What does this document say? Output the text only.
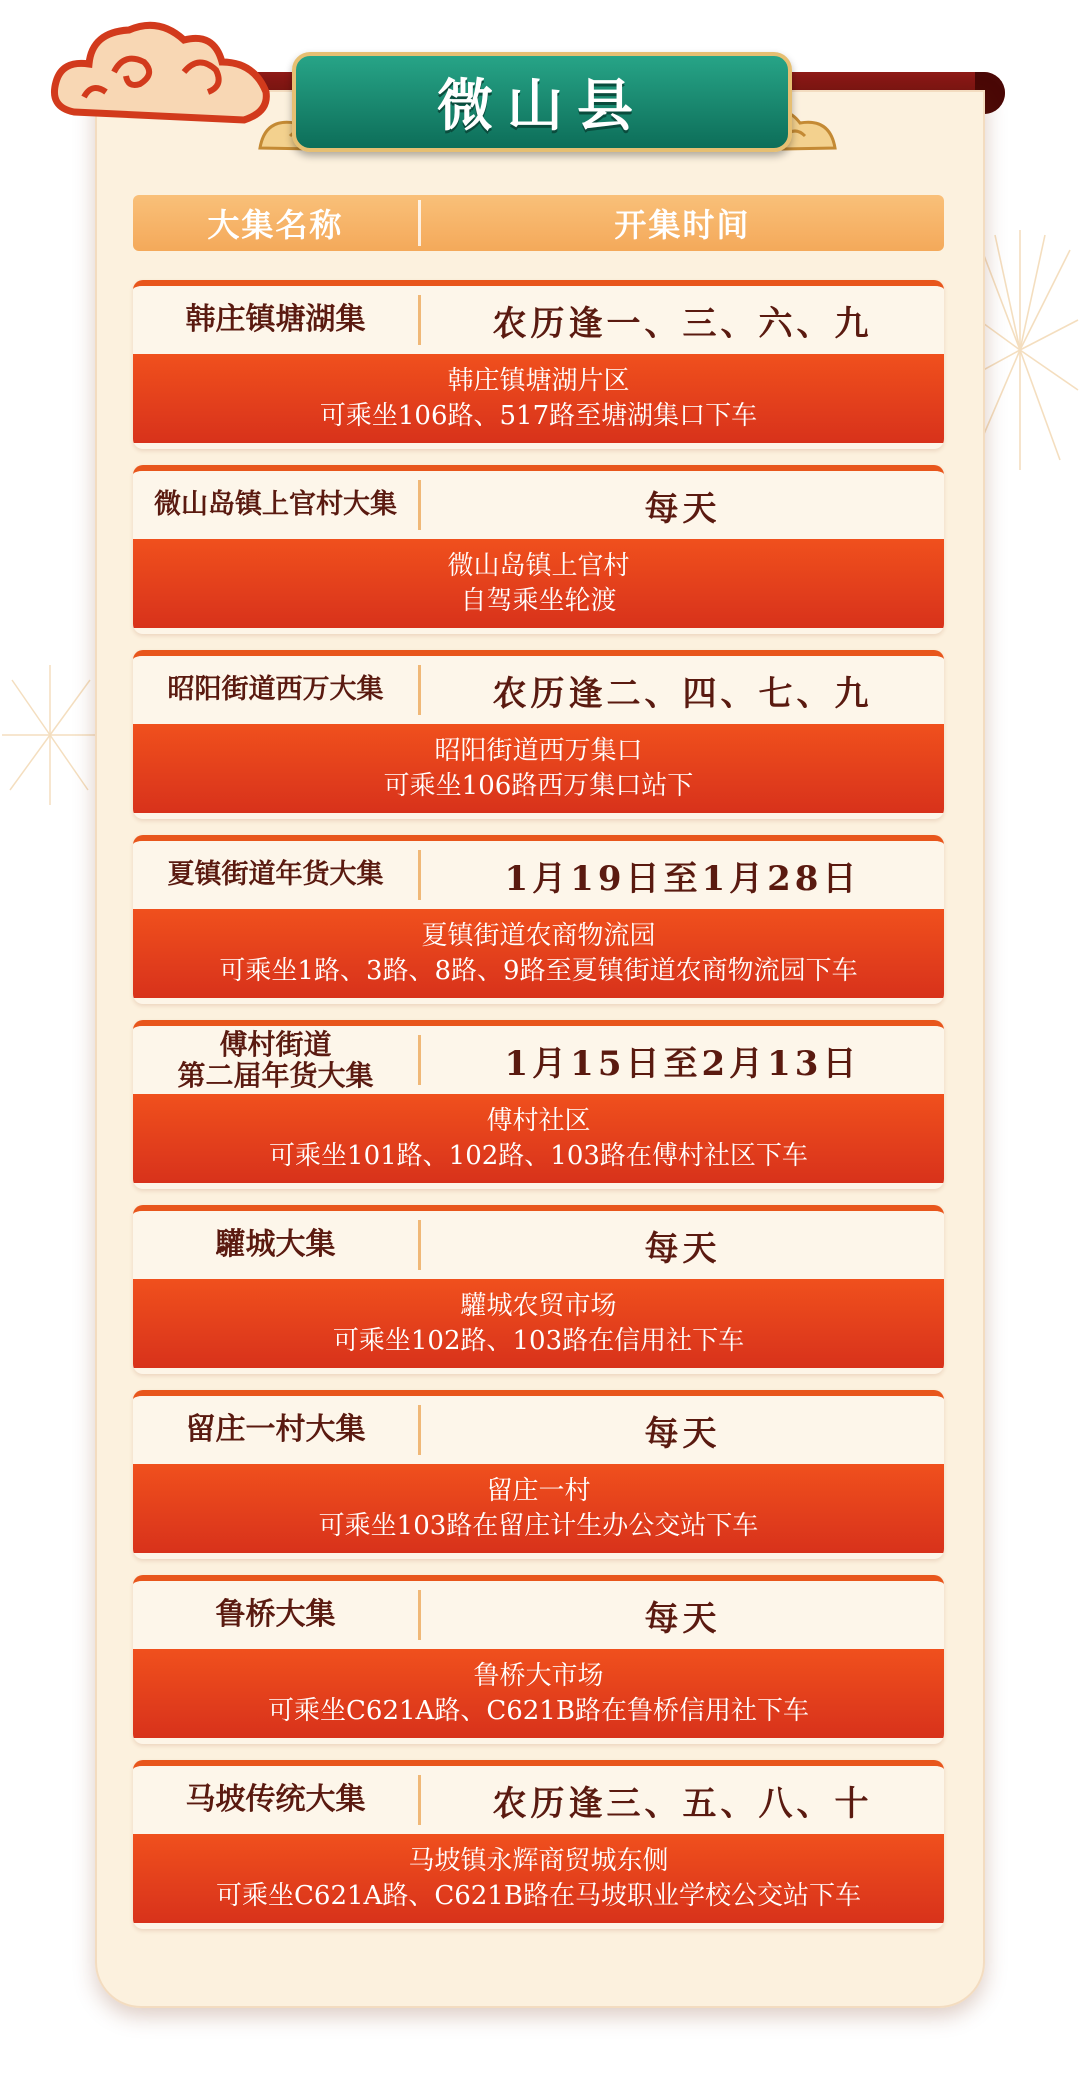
微山县
大集名称	开集时间
韩庄镇塘湖集	农历逢一、三、六、九
韩庄镇塘湖片区
可乘坐106路、517路至塘湖集口下车
微山岛镇上官村大集	每天
微山岛镇上官村
自驾乘坐轮渡
昭阳街道西万大集	农历逢二、四、七、九
昭阳街道西万集口
可乘坐106路西万集口站下
夏镇街道年货大集	1月19日至1月28日
夏镇街道农商物流园
可乘坐1路、3路、8路、9路至夏镇街道农商物流园下车
傅村街道
第二届年货大集	1月15日至2月13日
傅村社区
可乘坐101路、102路、103路在傅村社区下车
驩城大集	每天
驩城农贸市场
可乘坐102路、103路在信用社下车
留庄一村大集	每天
留庄一村
可乘坐103路在留庄计生办公交站下车
鲁桥大集	每天
鲁桥大市场
可乘坐C621A路、C621B路在鲁桥信用社下车
马坡传统大集	农历逢三、五、八、十
马坡镇永辉商贸城东侧
可乘坐C621A路、C621B路在马坡职业学校公交站下车
